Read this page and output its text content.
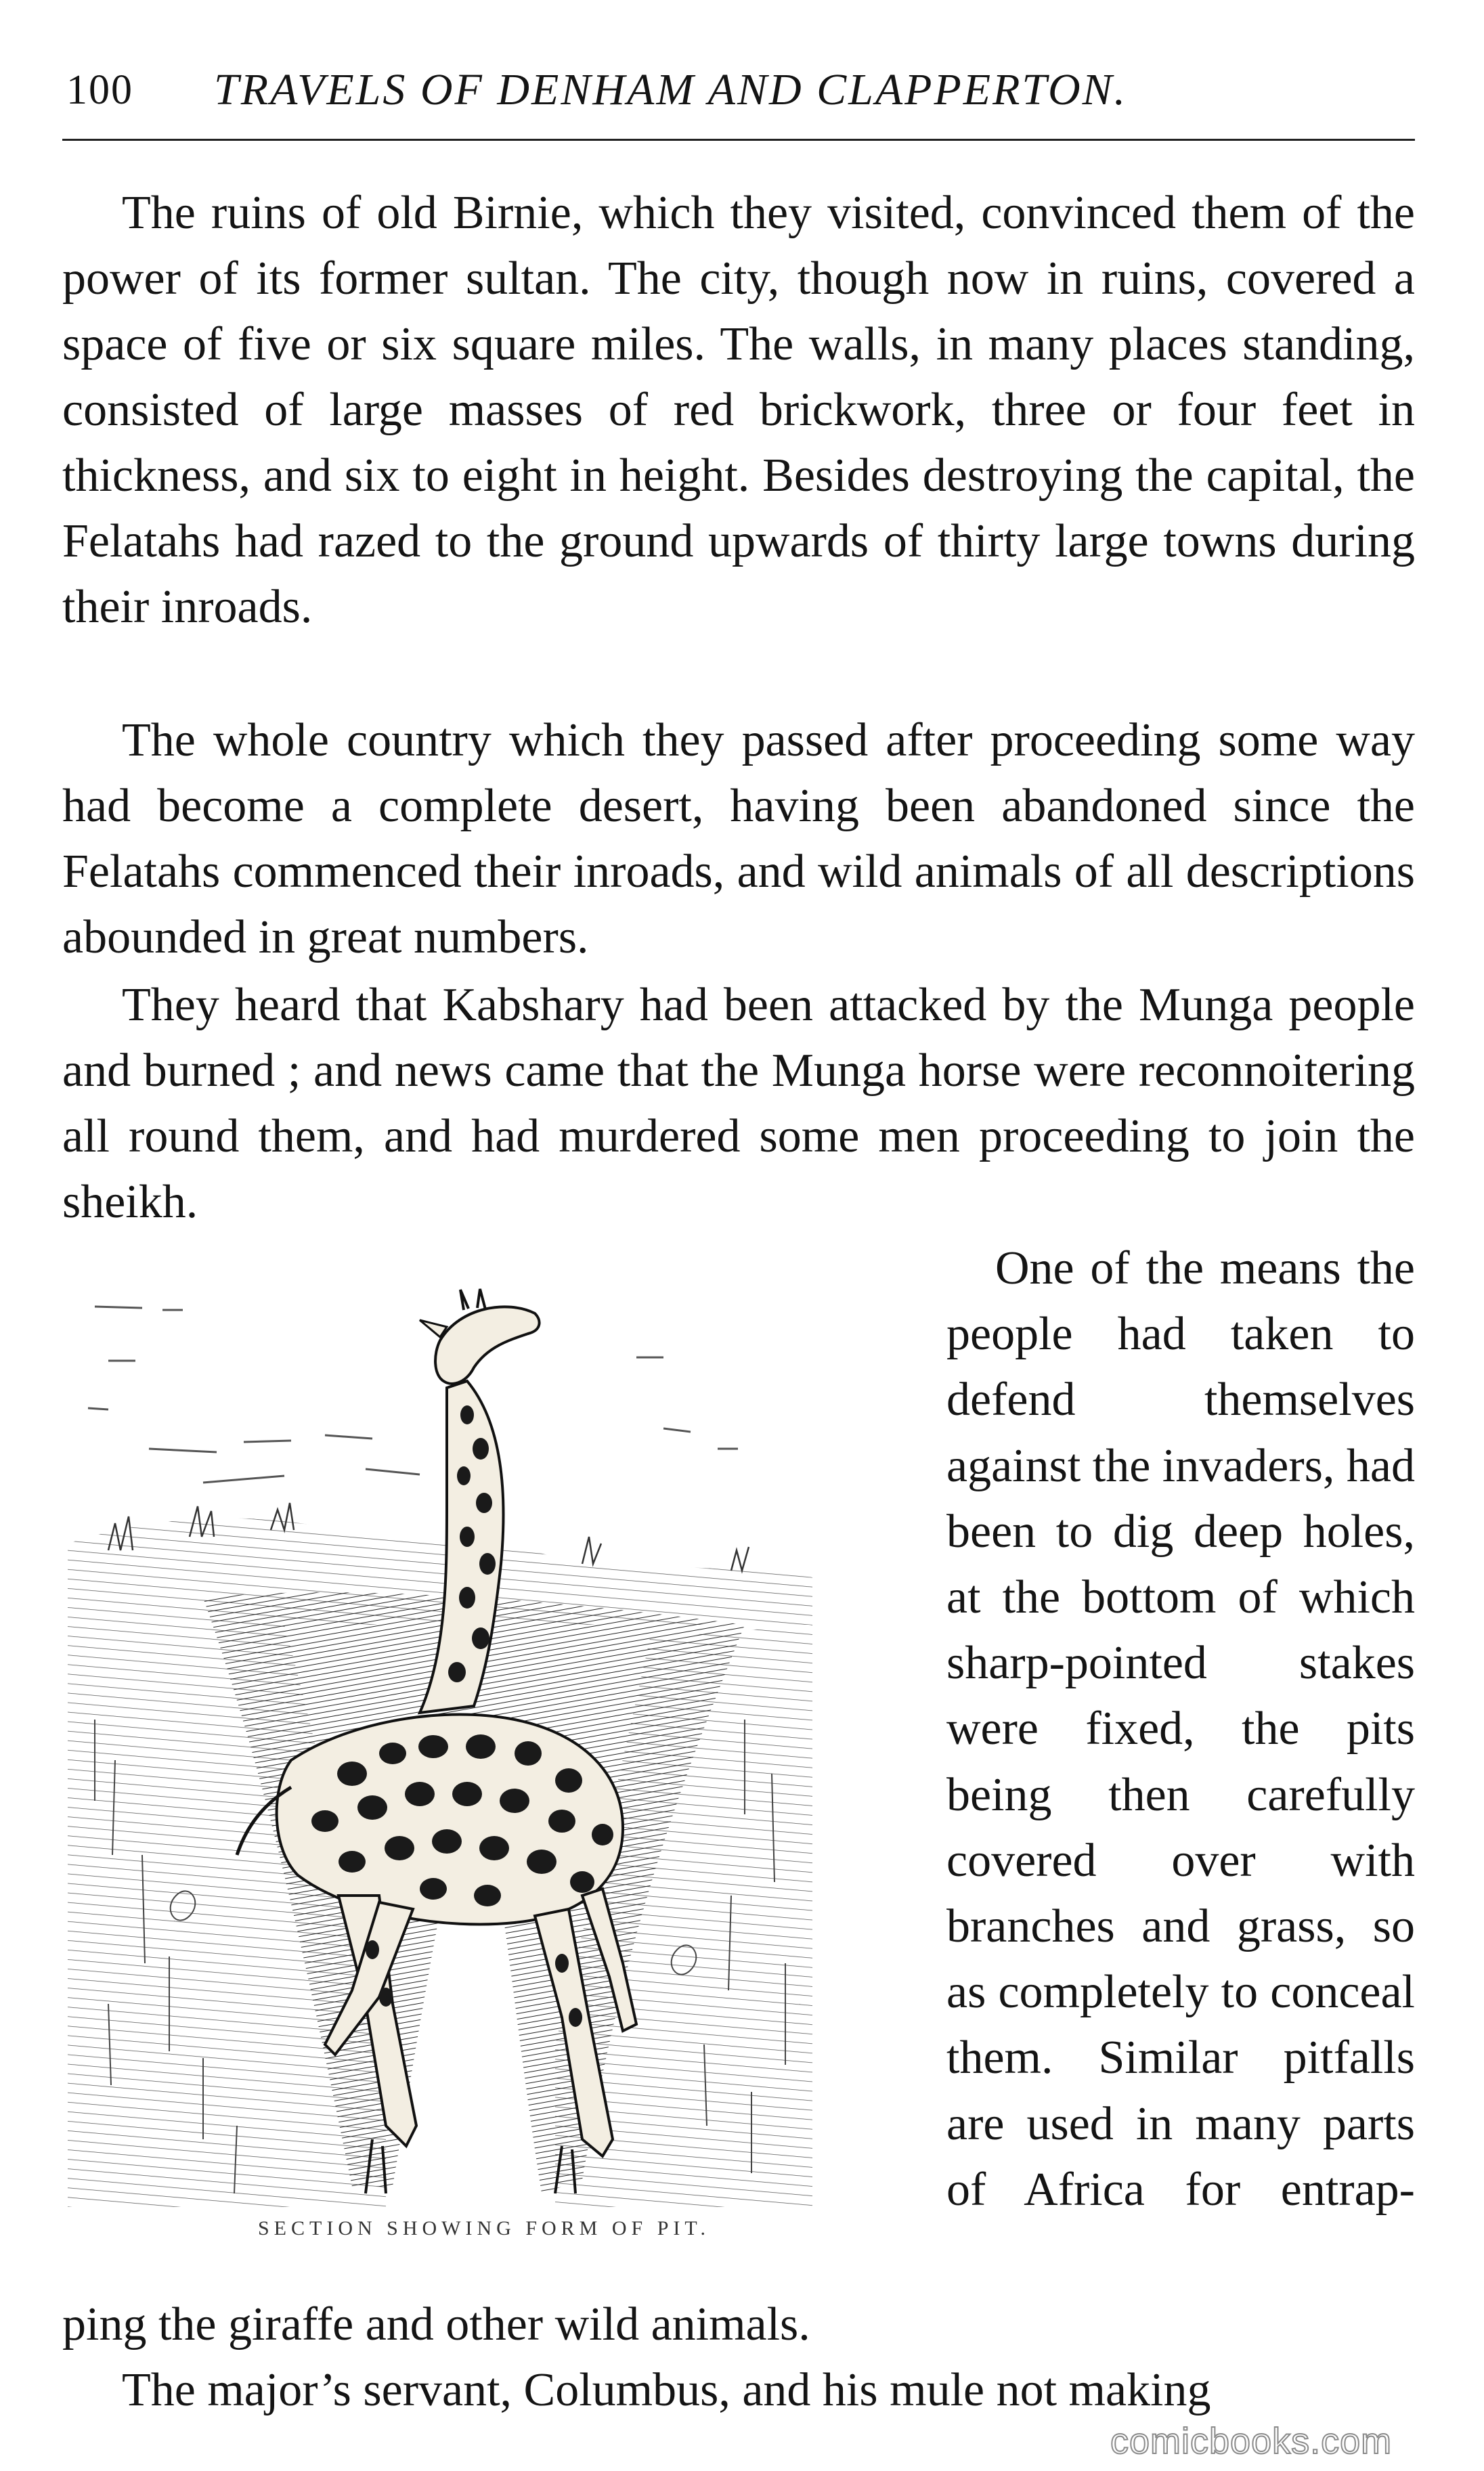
100 TRAVELS OF DENHAM AND CLAPPERTON.

The ruins of old Birnie, which they visited, convinced them of the power of its former sultan. The city, though now in ruins, covered a space of five or six square miles. The walls, in many places standing, consisted of large masses of red brickwork, three or four feet in thickness, and six to eight in height. Besides destroying the capital, the Felatahs had razed to the ground upwards of thirty large towns during their inroads.

The whole country which they passed after proceeding some way had become a complete desert, having been abandoned since the Felatahs commenced their inroads, and wild animals of all descriptions abounded in great numbers.

They heard that Kabshary had been attacked by the Munga people and burned ; and news came that the Munga horse were reconnoitering all round them, and had murdered some men proceeding to join the sheikh.

SECTION SHOWING FORM OF PIT.

One of the means the people had taken to defend themselves against the invaders, had been to dig deep holes, at the bottom of which sharp-pointed stakes were fixed, the pits being then carefully covered over with branches and grass, so as completely to conceal them. Similar pitfalls are used in many parts of Africa for entrap-

ping the giraffe and other wild animals.

The major’s servant, Columbus, and his mule not making

comicbooks.com
